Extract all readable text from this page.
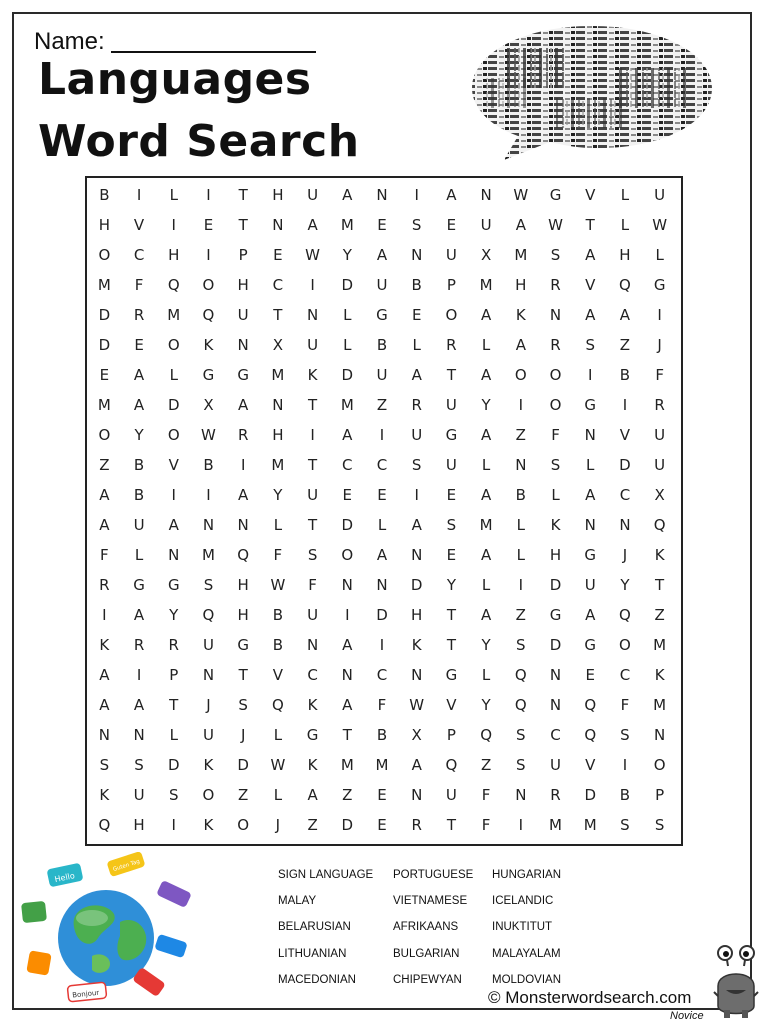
Name:
Languages
Word Search
B	I	L	I	T	H	U	A	N	I	A	N	W	G	V	L	U
H	V	I	E	T	N	A	M	E	S	E	U	A	W	T	L	W
O	C	H	I	P	E	W	Y	A	N	U	X	M	S	A	H	L
M	F	Q	O	H	C	I	D	U	B	P	M	H	R	V	Q	G
D	R	M	Q	U	T	N	L	G	E	O	A	K	N	A	A	I
D	E	O	K	N	X	U	L	B	L	R	L	A	R	S	Z	J
E	A	L	G	G	M	K	D	U	A	T	A	O	O	I	B	F
M	A	D	X	A	N	T	M	Z	R	U	Y	I	O	G	I	R
O	Y	O	W	R	H	I	A	I	U	G	A	Z	F	N	V	U
Z	B	V	B	I	M	T	C	C	S	U	L	N	S	L	D	U
A	B	I	I	A	Y	U	E	E	I	E	A	B	L	A	C	X
A	U	A	N	N	L	T	D	L	A	S	M	L	K	N	N	Q
F	L	N	M	Q	F	S	O	A	N	E	A	L	H	G	J	K
R	G	G	S	H	W	F	N	N	D	Y	L	I	D	U	Y	T
I	A	Y	Q	H	B	U	I	D	H	T	A	Z	G	A	Q	Z
K	R	R	U	G	B	N	A	I	K	T	Y	S	D	G	O	M
A	I	P	N	T	V	C	N	C	N	G	L	Q	N	E	C	K
A	A	T	J	S	Q	K	A	F	W	V	Y	Q	N	Q	F	M
N	N	L	U	J	L	G	T	B	X	P	Q	S	C	Q	S	N
S	S	D	K	D	W	K	M	M	A	Q	Z	S	U	V	I	O
K	U	S	O	Z	L	A	Z	E	N	U	F	N	R	D	B	P
Q	H	I	K	O	J	Z	D	E	R	T	F	I	M	M	S	S
Hello
Guten Tag
Bonjour
SIGN LANGUAGE	PORTUGUESE	HUNGARIAN
MALAY	VIETNAMESE	ICELANDIC
BELARUSIAN	AFRIKAANS	INUKTITUT
LITHUANIAN	BULGARIAN	MALAYALAM
MACEDONIAN	CHIPEWYAN	MOLDOVIAN
© Monsterwordsearch.com
Novice
